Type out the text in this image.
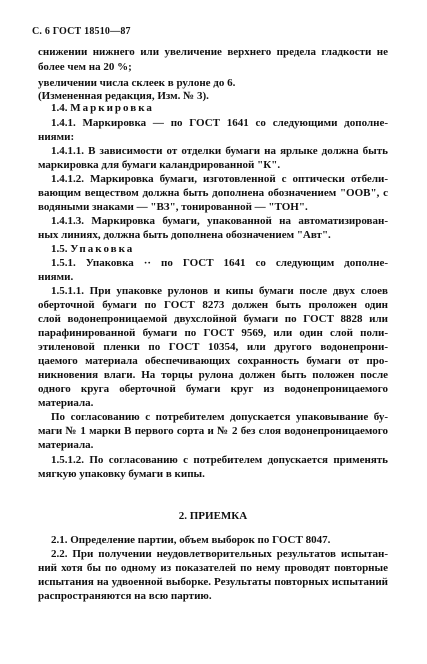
С. 6 ГОСТ 18510—87
снижении нижнего или увеличение верхнего предела гладкости не
более чем на 20 %;
увеличении числа склеек в рулоне до 6.
(Измененная редакция, Изм. № 3).
1.4. Маркировка
1.4.1. Маркировка — по ГОСТ 1641 со следующими дополне-
ниями:
1.4.1.1. В зависимости от отделки бумаги на ярлыке должна быть
маркировка для бумаги каландрированной "К".
1.4.1.2. Маркировка бумаги, изготовленной с оптически отбели-
вающим веществом должна быть дополнена обозначением "ООВ", с
водяными знаками — "ВЗ", тонированной — "ТОН".
1.4.1.3. Маркировка бумаги, упакованной на автоматизирован-
ных линиях, должна быть дополнена обозначением "Авт".
1.5. Упаковка
1.5.1. Упаковка ·· по ГОСТ 1641 со следующим дополне-
ниями.
1.5.1.1. При упаковке рулонов и кипы бумаги после двух слоев
оберточной бумаги по ГОСТ 8273 должен быть проложен один
слой водонепроницаемой двухслойной бумаги по ГОСТ 8828 или
парафинированной бумаги по ГОСТ 9569, или один слой поли-
этиленовой пленки по ГОСТ 10354, или другого водонепрони-
цаемого материала обеспечивающих сохранность бумаги от про-
никновения влаги. На торцы рулона должен быть положен после
одного круга оберточной бумаги круг из водонепроницаемого
материала.
По согласованию с потребителем допускается упаковывание бу-
маги № 1 марки В первого сорта и № 2 без слоя водонепроницаемого
материала.
1.5.1.2. По согласованию с потребителем допускается применять
мягкую упаковку бумаги в кипы.
2. ПРИЕМКА
2.1. Определение партии, объем выборок по ГОСТ 8047.
2.2. При получении неудовлетворительных результатов испытан-
ний хотя бы по одному из показателей по нему проводят повторные
испытания на удвоенной выборке. Результаты повторных испытаний
распространяются на всю партию.
